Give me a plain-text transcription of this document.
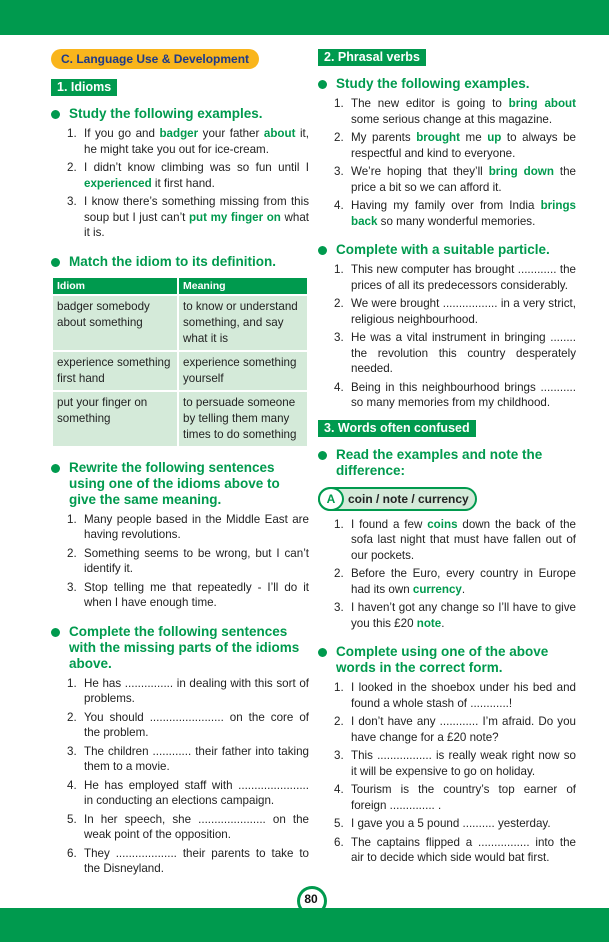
C. Language Use & Development
1. Idioms
Study the following examples.
1. If you go and badger your father about it, he might take you out for ice-cream.
2. I didn’t know climbing was so fun until I experienced it first hand.
3. I know there’s something missing from this soup but I just can’t put my finger on what it is.
Match the idiom to its definition.
Idiom	Meaning
badger somebody about something	to know or understand something, and say what it is
experience something first hand	experience something yourself
put your finger on something	to persuade someone by telling them many times to do something
Rewrite the following sentences using one of the idioms above to give the same meaning.
1. Many people based in the Middle East are having revolutions.
2. Something seems to be wrong, but I can’t identify it.
3. Stop telling me that repeatedly - I’ll do it when I have enough time.
Complete the following sentences with the missing parts of the idioms above.
1. He has ............... in dealing with this sort of problems.
2. You should ....................... on the core of the problem.
3. The children ............ their father into taking them to a movie.
4. He has employed staff with ...................... in conducting an elections campaign.
5. In her speech, she ..................... on the weak point of the opposition.
6. They ................... their parents to take to the Disneyland.
2. Phrasal verbs
Study the following examples.
1. The new editor is going to bring about some serious change at this magazine.
2. My parents brought me up to always be respectful and kind to everyone.
3. We’re hoping that they’ll bring down the price a bit so we can afford it.
4. Having my family over from India brings back so many wonderful memories.
Complete with a suitable particle.
1. This new computer has brought ............ the prices of all its predecessors considerably.
2. We were brought ................. in a very strict, religious neighbourhood.
3. He was a vital instrument in bringing ........ the revolution this country desperately needed.
4. Being in this neighbourhood brings ........... so many memories from my childhood.
3. Words often confused
Read the examples and note the difference:
A	coin / note / currency
1. I found a few coins down the back of the sofa last night that must have fallen out of our pockets.
2. Before the Euro, every country in Europe had its own currency.
3. I haven’t got any change so I’ll have to give you this £20 note.
Complete using one of the above words in the correct form.
1. I looked in the shoebox under his bed and found a whole stash of ............!
2. I don’t have any ............ I’m afraid. Do you have change for a £20 note?
3. This ................. is really weak right now so it will be expensive to go on holiday.
4. Tourism is the country’s top earner of foreign .............. .
5. I gave you a 5 pound .......... yesterday.
6. The captains flipped a ................ into the air to decide which side would bat first.
80
